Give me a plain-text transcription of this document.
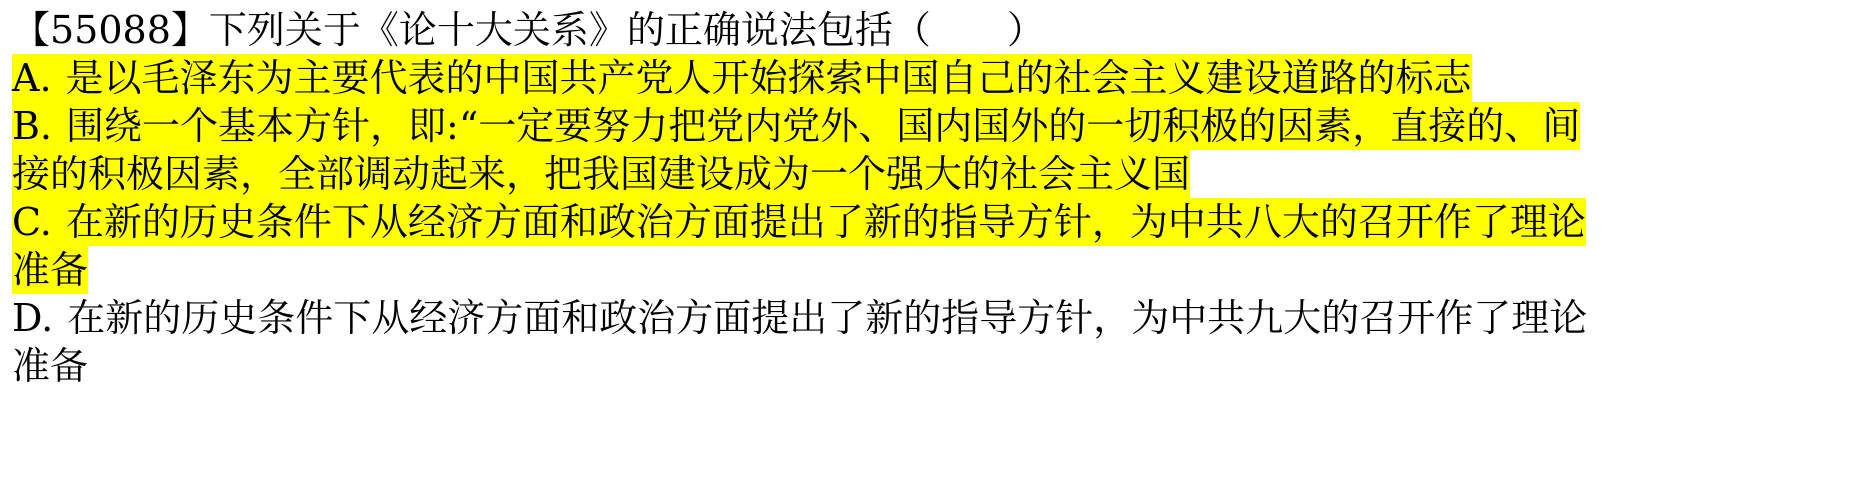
【55088】下列关于《论十大关系》的正确说法包括（　　）
A. 是以毛泽东为主要代表的中国共产党人开始探索中国自己的社会主义建设道路的标志
B. 围绕一个基本方针，即:“一定要努力把党内党外、国内国外的一切积极的因素，直接的、间
接的积极因素，全部调动起来，把我国建设成为一个强大的社会主义国
C. 在新的历史条件下从经济方面和政治方面提出了新的指导方针，为中共八大的召开作了理论
准备
D. 在新的历史条件下从经济方面和政治方面提出了新的指导方针，为中共九大的召开作了理论
准备
